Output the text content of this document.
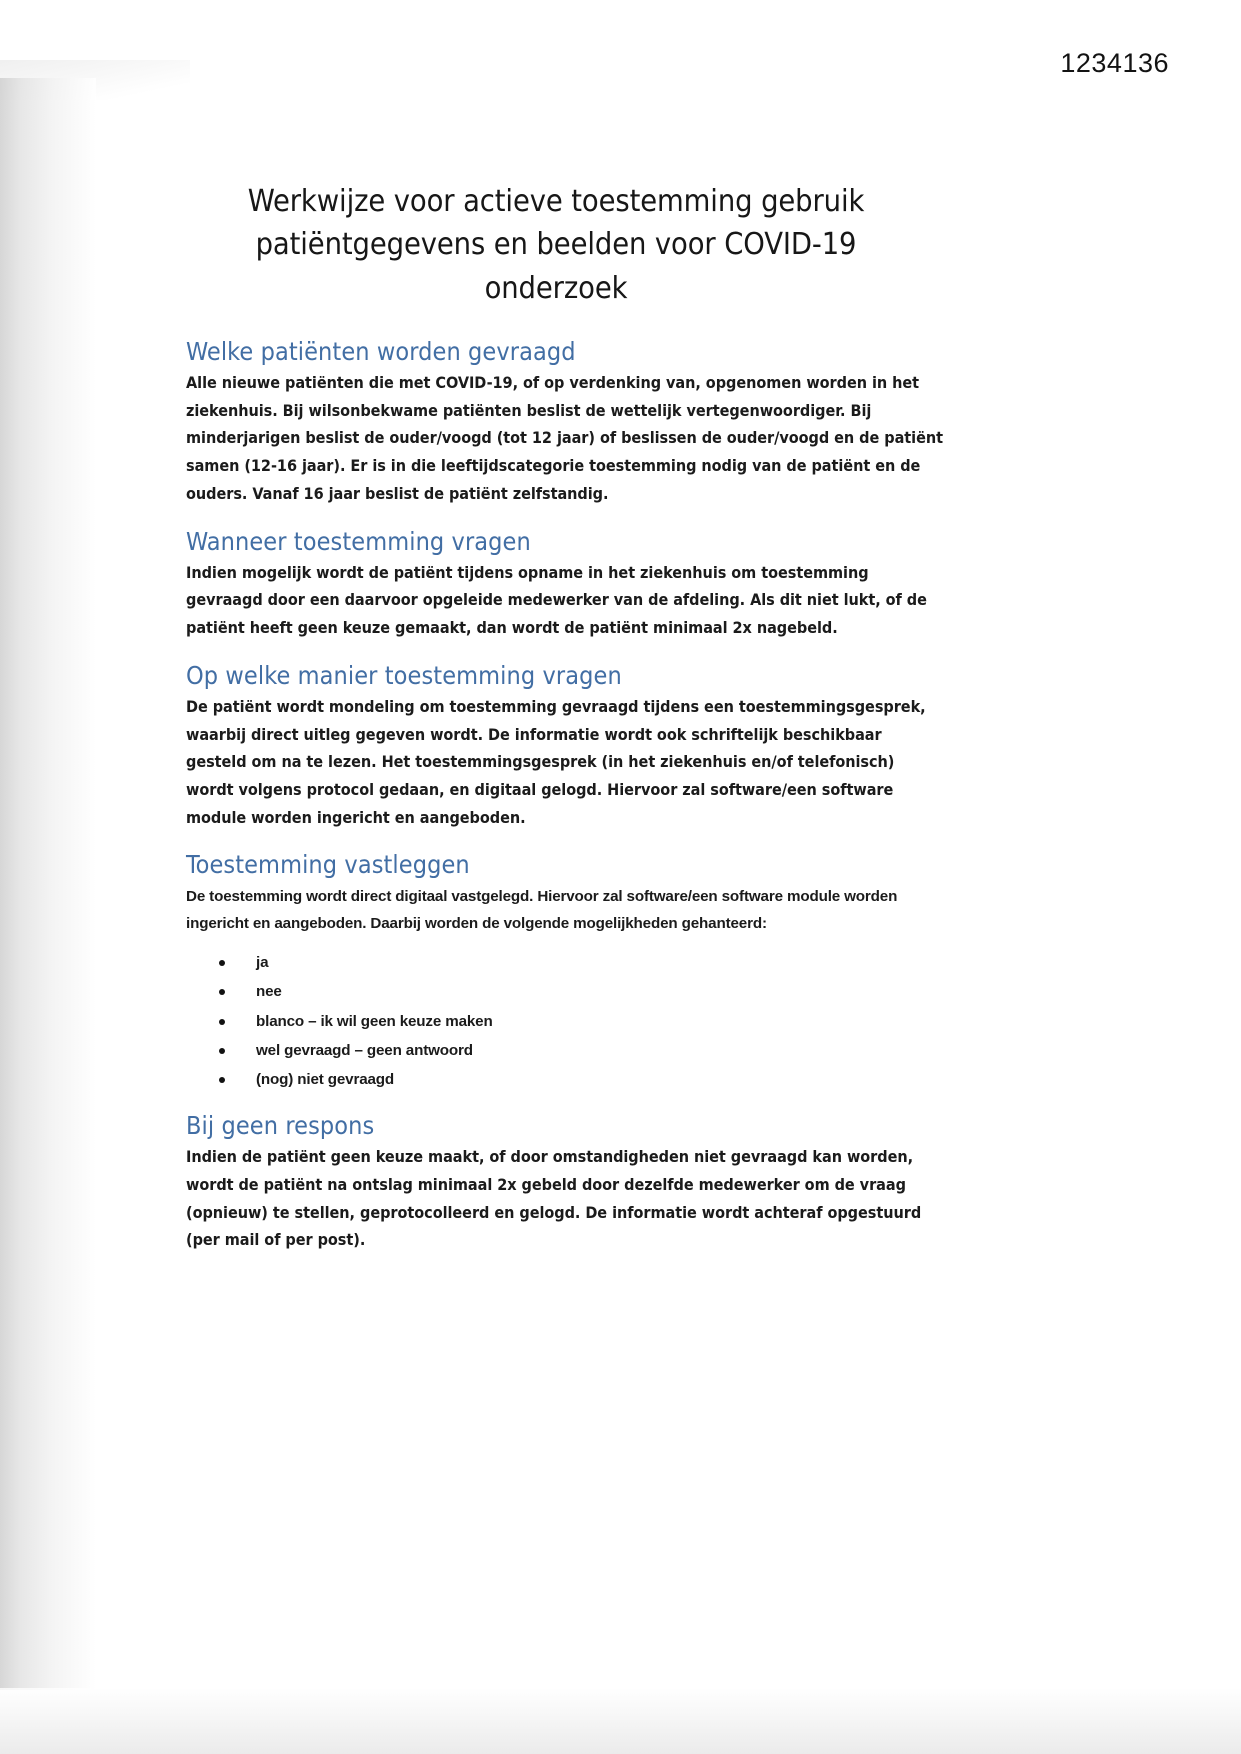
1234136
Werkwijze voor actieve toestemming gebruik
patiëntgegevens en beelden voor COVID-19 onderzoek
Welke patiënten worden gevraagd

Alle nieuwe patiënten die met COVID-19, of op verdenking van, opgenomen worden in het ziekenhuis. Bij wilsonbekwame patiënten beslist de wettelijk vertegenwoordiger. Bij minderjarigen beslist de ouder/voogd (tot 12 jaar) of beslissen de ouder/voogd en de patiënt samen (12-16 jaar). Er is in die leeftijdscategorie toestemming nodig van de patiënt en de ouders. Vanaf 16 jaar beslist de patiënt zelfstandig.

Wanneer toestemming vragen

Indien mogelijk wordt de patiënt tijdens opname in het ziekenhuis om toestemming gevraagd door een daarvoor opgeleide medewerker van de afdeling. Als dit niet lukt, of de patiënt heeft geen keuze gemaakt, dan wordt de patiënt minimaal 2x nagebeld.

Op welke manier toestemming vragen

De patiënt wordt mondeling om toestemming gevraagd tijdens een toestemmingsgesprek, waarbij direct uitleg gegeven wordt. De informatie wordt ook schriftelijk beschikbaar gesteld om na te lezen. Het toestemmingsgesprek (in het ziekenhuis en/of telefonisch) wordt volgens protocol gedaan, en digitaal gelogd. Hiervoor zal software/een software module worden ingericht en aangeboden.

Toestemming vastleggen

De toestemming wordt direct digitaal vastgelegd. Hiervoor zal software/een software module worden ingericht en aangeboden. Daarbij worden de volgende mogelijkheden gehanteerd:

ja
nee
blanco – ik wil geen keuze maken
wel gevraagd – geen antwoord
(nog) niet gevraagd
Bij geen respons

Indien de patiënt geen keuze maakt, of door omstandigheden niet gevraagd kan worden, wordt de patiënt na ontslag minimaal 2x gebeld door dezelfde medewerker om de vraag (opnieuw) te stellen, geprotocolleerd en gelogd. De informatie wordt achteraf opgestuurd (per mail of per post).
